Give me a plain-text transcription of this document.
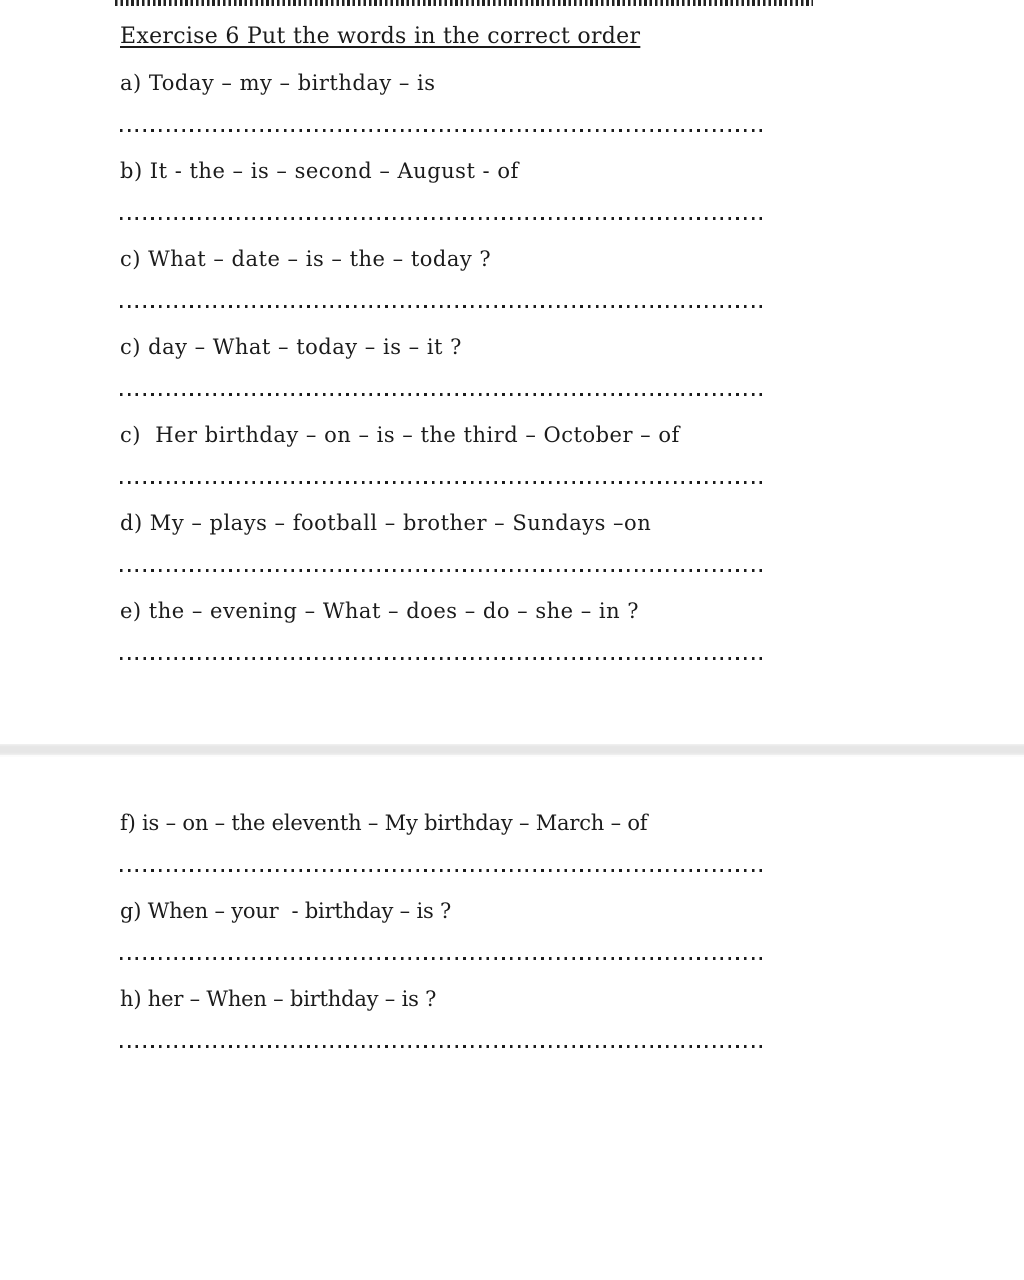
Exercise 6 Put the words in the correct order
a) Today – my – birthday – is
b) It - the – is – second – August - of
c) What – date – is – the – today ?
c) day – What – today – is – it ?
c)  Her birthday – on – is – the third – October – of
d) My – plays – football – brother – Sundays –on
e) the – evening – What – does – do – she – in ?
f) is – on – the eleventh – My birthday – March – of
g) When – your  - birthday – is ?
h) her – When – birthday – is ?
